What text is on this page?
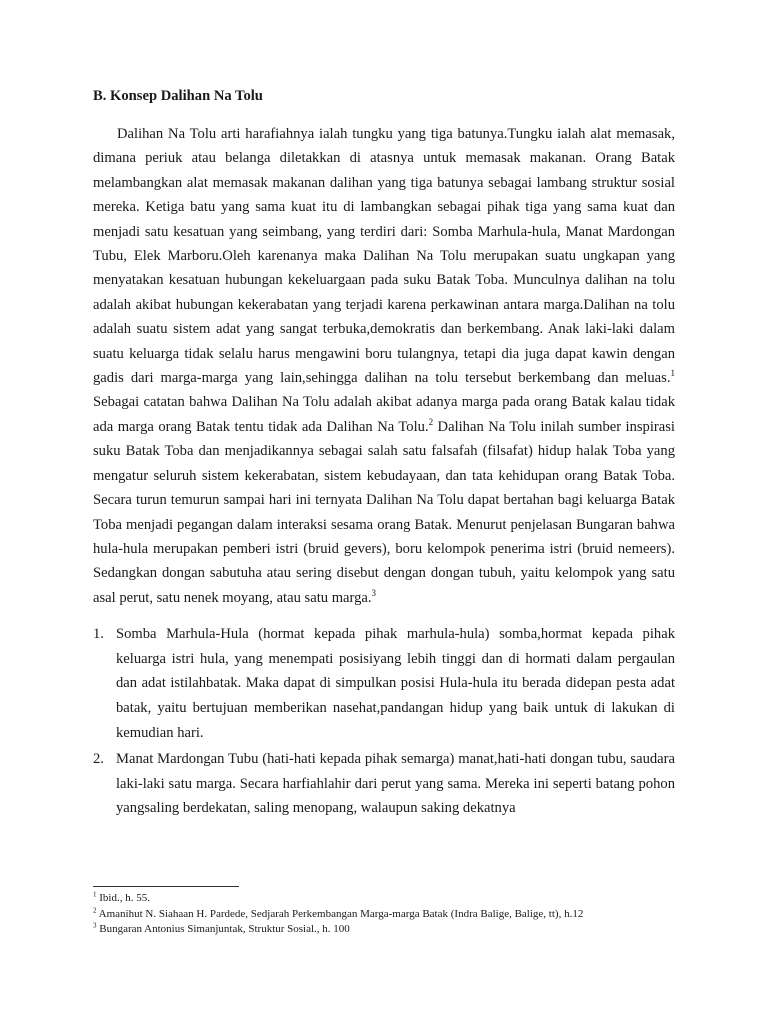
B. Konsep Dalihan Na Tolu

Dalihan Na Tolu arti harafiahnya ialah tungku yang tiga batunya.Tungku ialah alat memasak, dimana periuk atau belanga diletakkan di atasnya untuk memasak makanan. Orang Batak melambangkan alat memasak makanan dalihan yang tiga batunya sebagai lambang struktur sosial mereka. Ketiga batu yang sama kuat itu di lambangkan sebagai pihak tiga yang sama kuat dan menjadi satu kesatuan yang seimbang, yang terdiri dari: Somba Marhula-hula, Manat Mardongan Tubu, Elek Marboru.Oleh karenanya maka Dalihan Na Tolu merupakan suatu ungkapan yang menyatakan kesatuan hubungan kekeluargaan pada suku Batak Toba. Munculnya dalihan na tolu adalah akibat hubungan kekerabatan yang terjadi karena perkawinan antara marga.Dalihan na tolu adalah suatu sistem adat yang sangat terbuka,demokratis dan berkembang. Anak laki-laki dalam suatu keluarga tidak selalu harus mengawini boru tulangnya, tetapi dia juga dapat kawin dengan gadis dari marga-marga yang lain,sehingga dalihan na tolu tersebut berkembang dan meluas.$^1$ Sebagai catatan bahwa Dalihan Na Tolu adalah akibat adanya marga pada orang Batak kalau tidak ada marga orang Batak tentu tidak ada Dalihan Na Tolu.$^2$ Dalihan Na Tolu inilah sumber inspirasi suku Batak Toba dan menjadikannya sebagai salah satu falsafah (filsafat) hidup halak Toba yang mengatur seluruh sistem kekerabatan, sistem kebudayaan, dan tata kehidupan orang Batak Toba. Secara turun temurun sampai hari ini ternyata Dalihan Na Tolu dapat bertahan bagi keluarga Batak Toba menjadi pegangan dalam interaksi sesama orang Batak. Menurut penjelasan Bungaran bahwa hula-hula merupakan pemberi istri (bruid gevers), boru kelompok penerima istri (bruid nemeers). Sedangkan dongan sabutuha atau sering disebut dengan dongan tubuh, yaitu kelompok yang satu asal perut, satu nenek moyang, atau satu marga.$^3$

1. Somba Marhula-Hula (hormat kepada pihak marhula-hula) somba,hormat kepada pihak keluarga istri hula, yang menempati posisiyang lebih tinggi dan di hormati dalam pergaulan dan adat istilahbatak. Maka dapat di simpulkan posisi Hula-hula itu berada didepan pesta adat batak, yaitu bertujuan memberikan nasehat,pandangan hidup yang baik untuk di lakukan di kemudian hari.
2. Manat Mardongan Tubu (hati-hati kepada pihak semarga) manat,hati-hati dongan tubu, saudara laki-laki satu marga. Secara harfiahlahir dari perut yang sama. Mereka ini seperti batang pohon yangsaling berdekatan, saling menopang, walaupun saking dekatnya
$^1$ Ibid., h. 55.
$^2$ Amanihut N. Siahaan H. Pardede, Sedjarah Perkembangan Marga-marga Batak (Indra Balige, Balige, tt), h.12
$^3$ Bungaran Antonius Simanjuntak, Struktur Sosial., h. 100
